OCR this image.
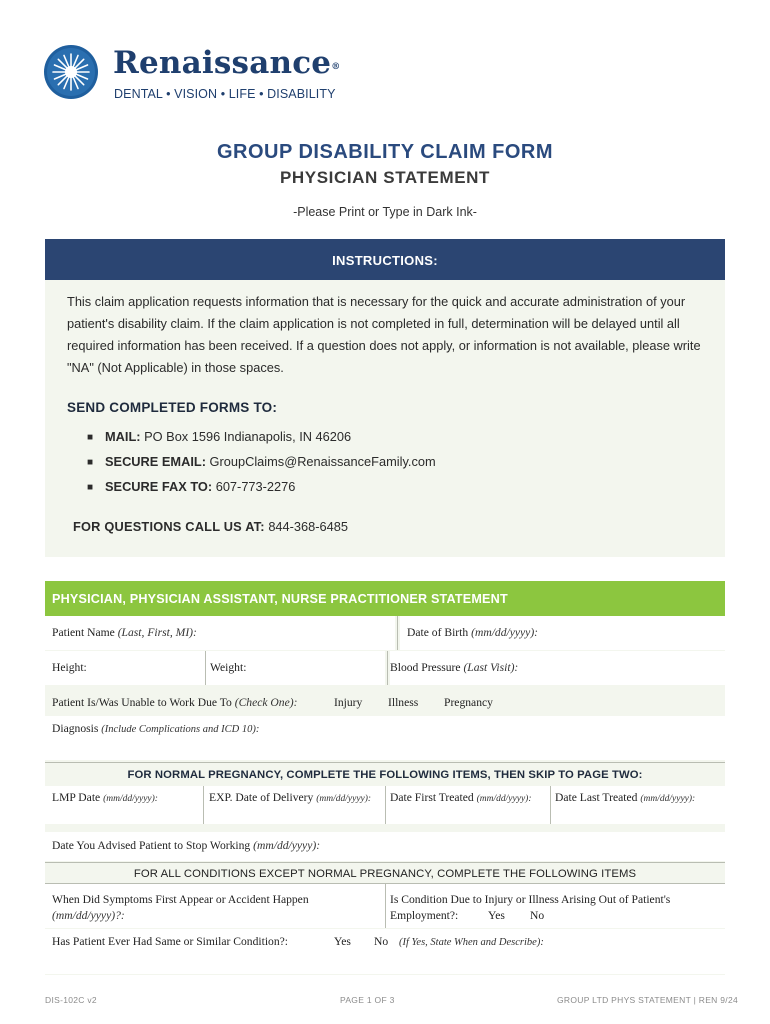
Renaissance®
DENTAL • VISION • LIFE • DISABILITY
GROUP DISABILITY CLAIM FORM
PHYSICIAN STATEMENT
-Please Print or Type in Dark Ink-
INSTRUCTIONS:
This claim application requests information that is necessary for the quick and accurate administration of your patient's disability claim. If the claim application is not completed in full, determination will be delayed until all required information has been received. If a question does not apply, or information is not available, please write "NA" (Not Applicable) in those spaces.
SEND COMPLETED FORMS TO:
■ MAIL: PO Box 1596 Indianapolis, IN 46206
■ SECURE EMAIL: GroupClaims@RenaissanceFamily.com
■ SECURE FAX TO: 607-773-2276
FOR QUESTIONS CALL US AT: 844-368-6485
PHYSICIAN, PHYSICIAN ASSISTANT, NURSE PRACTITIONER STATEMENT
Patient Name (Last, First, MI):	Date of Birth (mm/dd/yyyy):
Height:	Weight:	Blood Pressure (Last Visit):
Patient Is/Was Unable to Work Due To (Check One):	Injury Illness Pregnancy
Diagnosis (Include Complications and ICD 10):
FOR NORMAL PREGNANCY, COMPLETE THE FOLLOWING ITEMS, THEN SKIP TO PAGE TWO:
LMP Date (mm/dd/yyyy):	EXP. Date of Delivery (mm/dd/yyyy): Date First Treated (mm/dd/yyyy): Date Last Treated (mm/dd/yyyy):
Date You Advised Patient to Stop Working (mm/dd/yyyy):
FOR ALL CONDITIONS EXCEPT NORMAL PREGNANCY, COMPLETE THE FOLLOWING ITEMS
When Did Symptoms First Appear or Accident Happen
(mm/dd/yyyy)?:
Is Condition Due to Injury or Illness Arising Out of Patient's
Employment?:	Yes No
Has Patient Ever Had Same or Similar Condition?:	Yes No (If Yes, State When and Describe):
DIS-102C v2	PAGE 1 OF 3	GROUP LTD PHYS STATEMENT | REN 9/24
